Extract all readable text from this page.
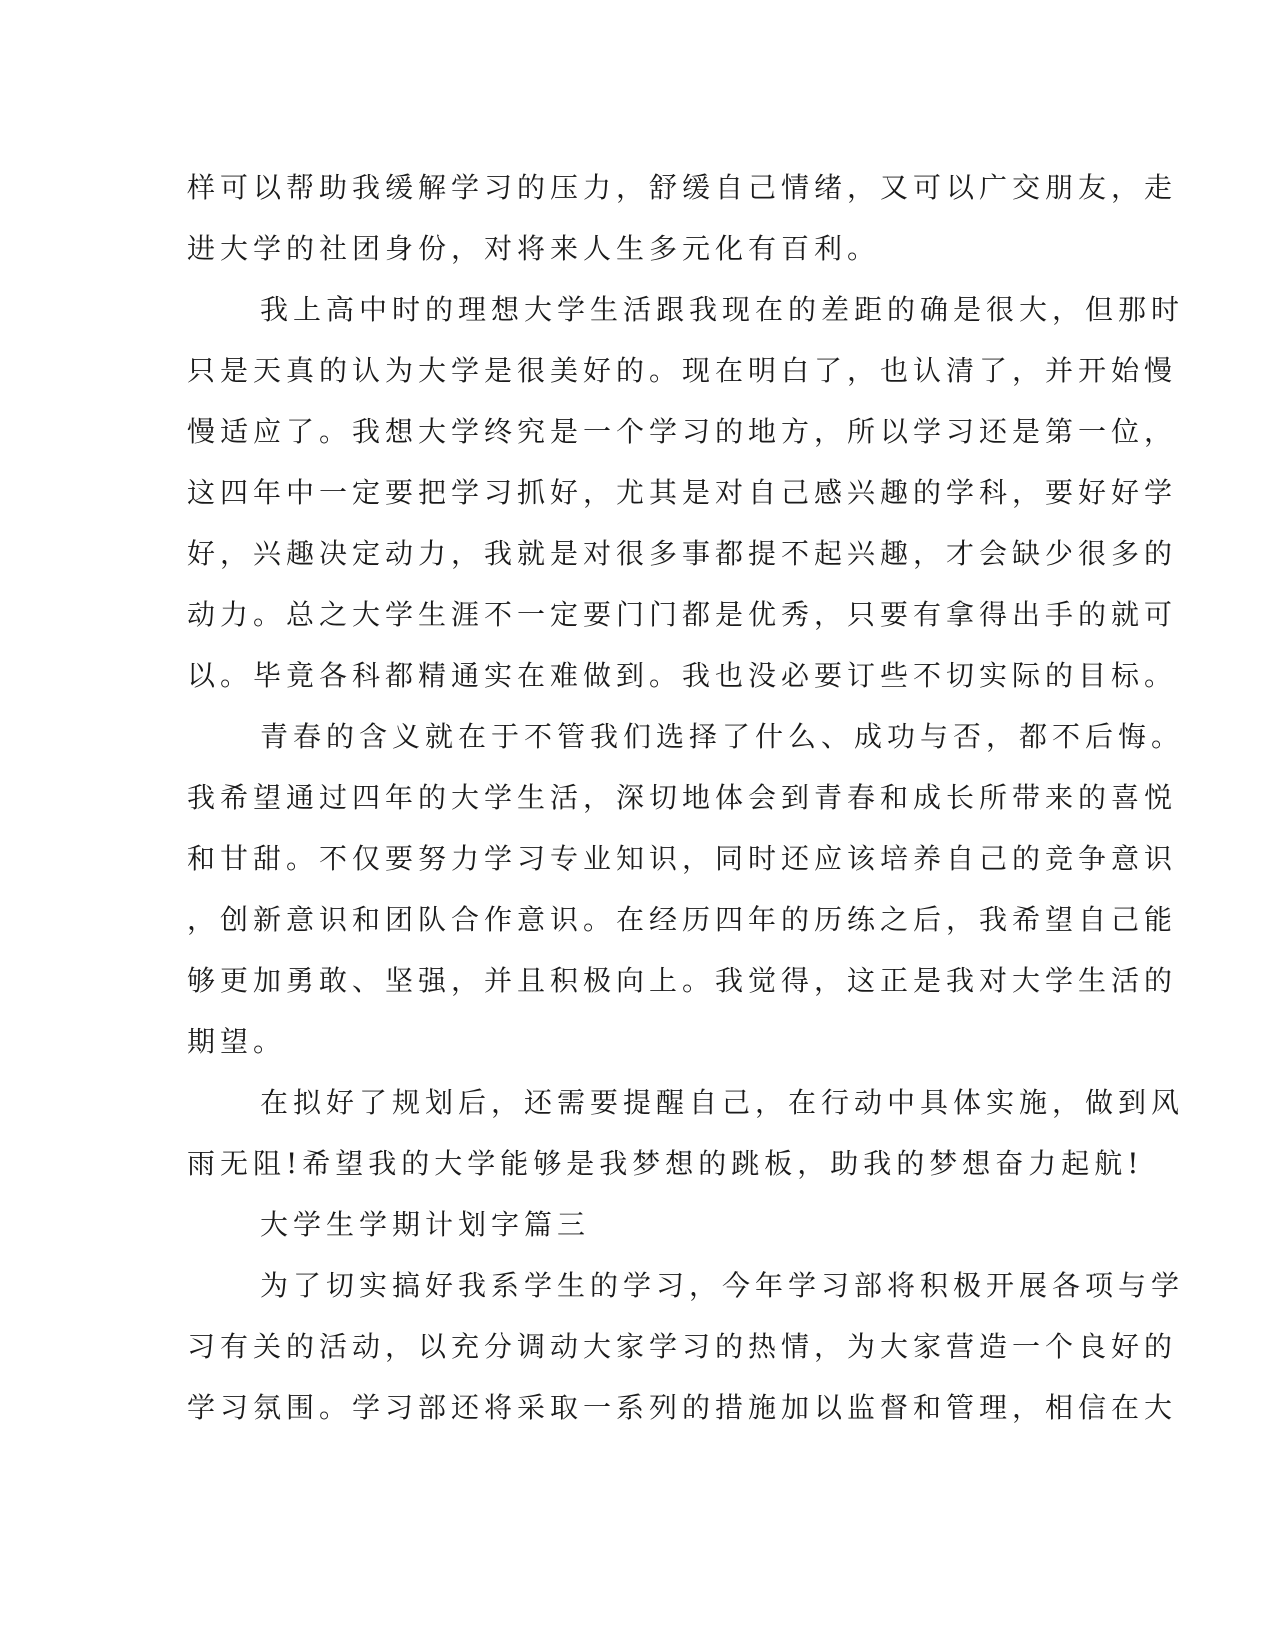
样可以帮助我缓解学习的压力，舒缓自己情绪，又可以广交朋友，走
进大学的社团身份，对将来人生多元化有百利。
我上高中时的理想大学生活跟我现在的差距的确是很大，但那时
只是天真的认为大学是很美好的。现在明白了，也认清了，并开始慢
慢适应了。我想大学终究是一个学习的地方，所以学习还是第一位，
这四年中一定要把学习抓好，尤其是对自己感兴趣的学科，要好好学
好，兴趣决定动力，我就是对很多事都提不起兴趣，才会缺少很多的
动力。总之大学生涯不一定要门门都是优秀，只要有拿得出手的就可
以。毕竟各科都精通实在难做到。我也没必要订些不切实际的目标。
青春的含义就在于不管我们选择了什么、成功与否，都不后悔。
我希望通过四年的大学生活，深切地体会到青春和成长所带来的喜悦
和甘甜。不仅要努力学习专业知识，同时还应该培养自己的竞争意识
，创新意识和团队合作意识。在经历四年的历练之后，我希望自己能
够更加勇敢、坚强，并且积极向上。我觉得，这正是我对大学生活的
期望。
在拟好了规划后，还需要提醒自己，在行动中具体实施，做到风
雨无阻!希望我的大学能够是我梦想的跳板，助我的梦想奋力起航!
大学生学期计划字篇三
为了切实搞好我系学生的学习，今年学习部将积极开展各项与学
习有关的活动，以充分调动大家学习的热情，为大家营造一个良好的
学习氛围。学习部还将采取一系列的措施加以监督和管理，相信在大
